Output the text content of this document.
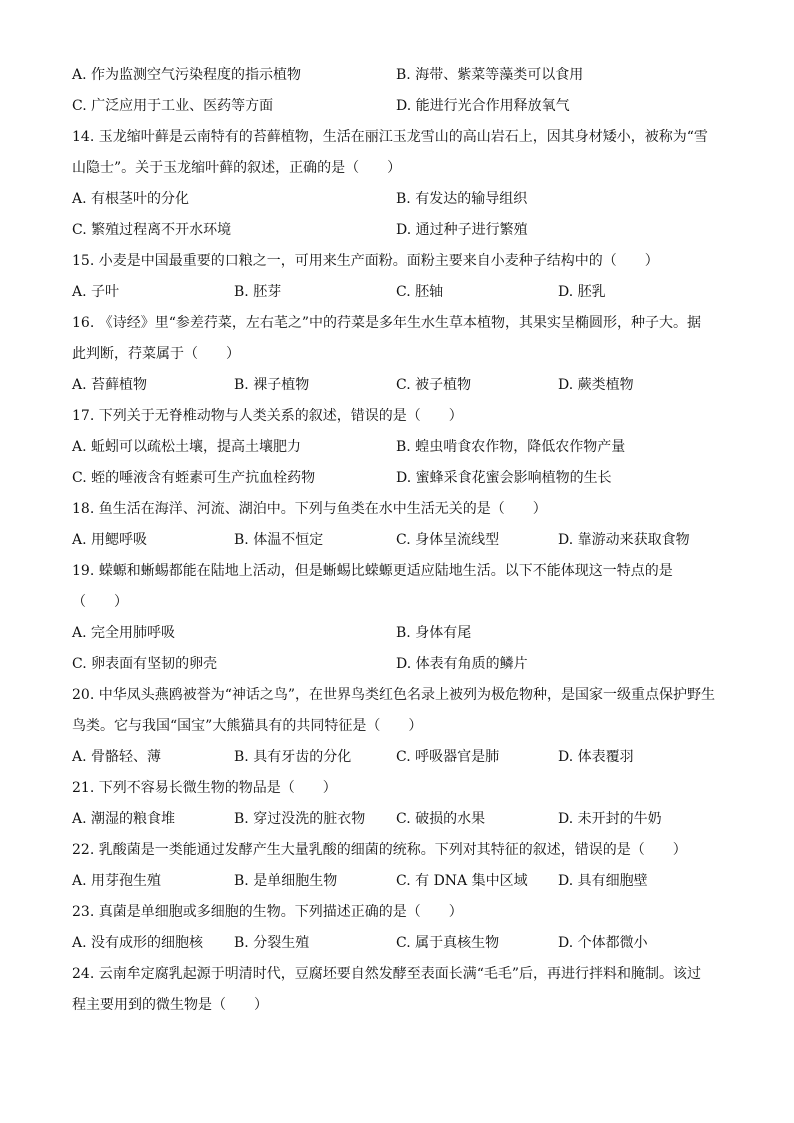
A. 作为监测空气污染程度的指示植物	B. 海带、紫菜等藻类可以食用
C. 广泛应用于工业、医药等方面	D. 能进行光合作用释放氧气
14. 玉龙缩叶藓是云南特有的苔藓植物，生活在丽江玉龙雪山的高山岩石上，因其身材矮小，被称为“雪
山隐士”。关于玉龙缩叶藓的叙述，正确的是（　　）
A. 有根茎叶的分化	B. 有发达的输导组织
C. 繁殖过程离不开水环境	D. 通过种子进行繁殖
15. 小麦是中国最重要的口粮之一，可用来生产面粉。面粉主要来自小麦种子结构中的（　　）
A. 子叶	B. 胚芽	C. 胚轴	D. 胚乳
16. 《诗经》里“参差荇菜，左右芼之”中的荇菜是多年生水生草本植物，其果实呈椭圆形，种子大。据
此判断，荇菜属于（　　）
A. 苔藓植物	B. 裸子植物	C. 被子植物	D. 蕨类植物
17. 下列关于无脊椎动物与人类关系的叙述，错误的是（　　）
A. 蚯蚓可以疏松土壤，提高土壤肥力	B. 蝗虫啃食农作物，降低农作物产量
C. 蛭的唾液含有蛭素可生产抗血栓药物	D. 蜜蜂采食花蜜会影响植物的生长
18. 鱼生活在海洋、河流、湖泊中。下列与鱼类在水中生活无关的是（　　）
A. 用鳃呼吸	B. 体温不恒定	C. 身体呈流线型	D. 靠游动来获取食物
19. 蝾螈和蜥蜴都能在陆地上活动，但是蜥蜴比蝾螈更适应陆地生活。以下不能体现这一特点的是
（　　）
A. 完全用肺呼吸	B. 身体有尾
C. 卵表面有坚韧的卵壳	D. 体表有角质的鳞片
20. 中华凤头燕鸥被誉为“神话之鸟”，在世界鸟类红色名录上被列为极危物种，是国家一级重点保护野生
鸟类。它与我国“国宝”大熊猫具有的共同特征是（　　）
A. 骨骼轻、薄	B. 具有牙齿的分化	C. 呼吸器官是肺	D. 体表覆羽
21. 下列不容易长微生物的物品是（　　）
A. 潮湿的粮食堆	B. 穿过没洗的脏衣物 C. 破损的水果	D. 未开封的牛奶
22. 乳酸菌是一类能通过发酵产生大量乳酸的细菌的统称。下列对其特征的叙述，错误的是（　　）
A. 用芽孢生殖	B. 是单细胞生物	C. 有 DNA 集中区域 D. 具有细胞壁
23. 真菌是单细胞或多细胞的生物。下列描述正确的是（　　）
A. 没有成形的细胞核 B. 分裂生殖	C. 属于真核生物	D. 个体都微小
24. 云南牟定腐乳起源于明清时代，豆腐坯要自然发酵至表面长满“毛毛”后，再进行拌料和腌制。该过
程主要用到的微生物是（　　）
